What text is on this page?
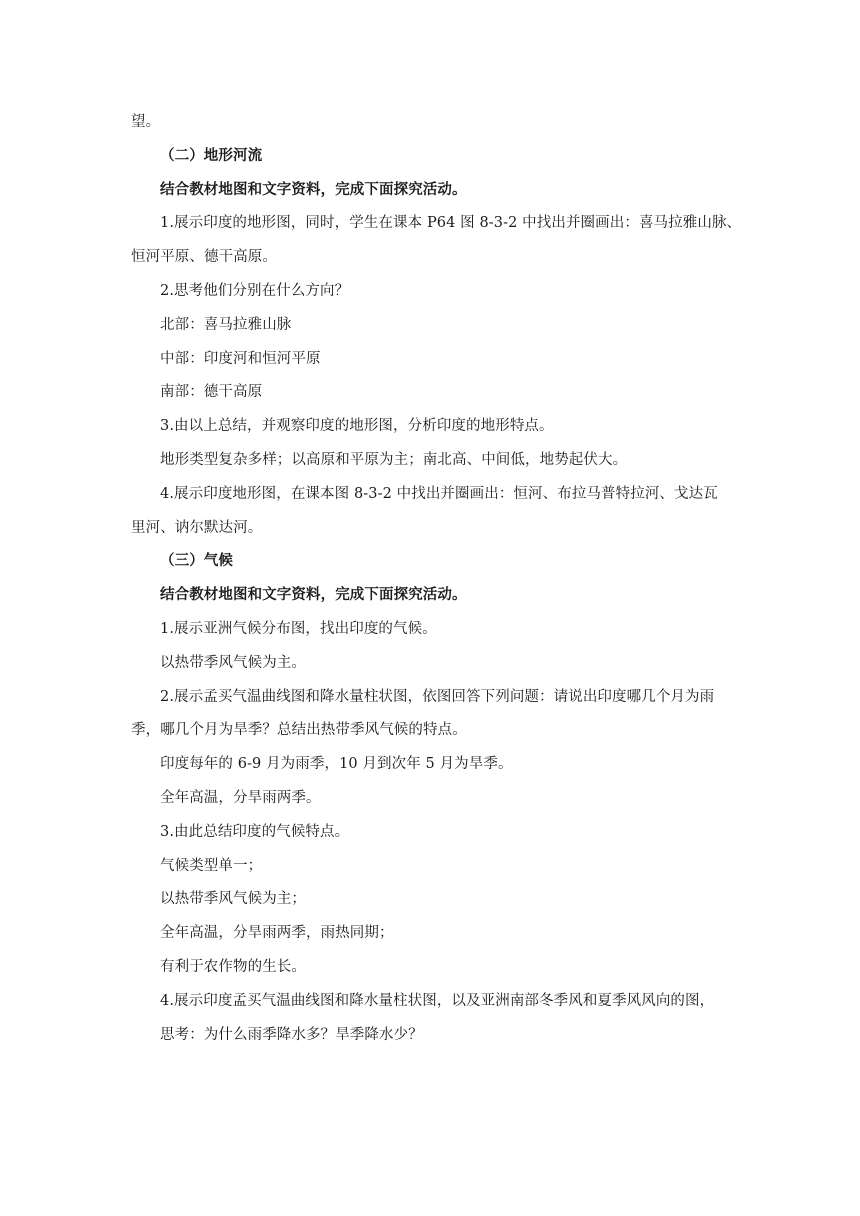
望。

（二）地形河流

结合教材地图和文字资料，完成下面探究活动。

1.展示印度的地形图，同时，学生在课本 P64 图 8-3-2 中找出并圈画出：喜马拉雅山脉、

恒河平原、德干高原。

2.思考他们分别在什么方向？

北部：喜马拉雅山脉

中部：印度河和恒河平原

南部：德干高原

3.由以上总结，并观察印度的地形图，分析印度的地形特点。

地形类型复杂多样；以高原和平原为主；南北高、中间低，地势起伏大。

4.展示印度地形图，在课本图 8-3-2 中找出并圈画出：恒河、布拉马普特拉河、戈达瓦

里河、讷尔默达河。

（三）气候

结合教材地图和文字资料，完成下面探究活动。

1.展示亚洲气候分布图，找出印度的气候。

以热带季风气候为主。

2.展示孟买气温曲线图和降水量柱状图，依图回答下列问题：请说出印度哪几个月为雨

季，哪几个月为旱季？总结出热带季风气候的特点。

印度每年的 6-9 月为雨季，10 月到次年 5 月为旱季。

全年高温，分旱雨两季。

3.由此总结印度的气候特点。

气候类型单一；

以热带季风气候为主；

全年高温，分旱雨两季，雨热同期；

有利于农作物的生长。

4.展示印度孟买气温曲线图和降水量柱状图，以及亚洲南部冬季风和夏季风风向的图，

思考：为什么雨季降水多？旱季降水少？
